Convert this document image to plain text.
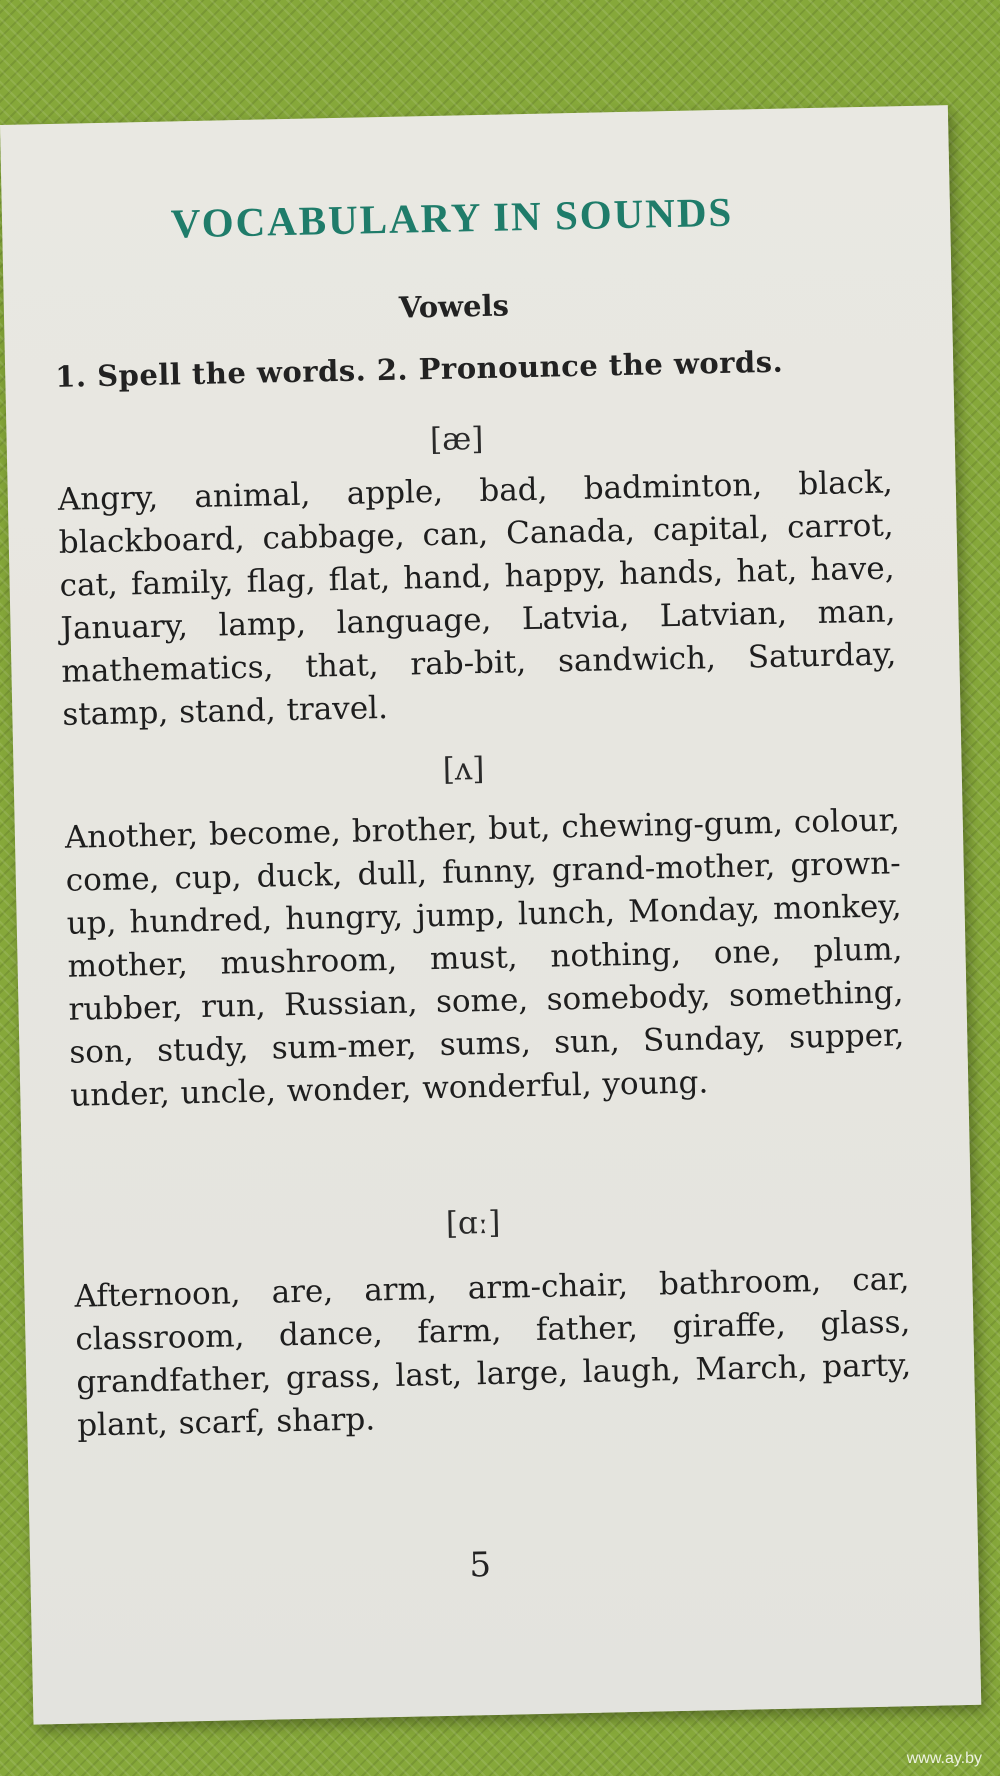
VOCABULARY IN SOUNDS
Vowels
1. Spell the words. 2. Pronounce the words.
[æ]
Angry, animal, apple, bad, badminton, black, blackboard, cabbage, can, Canada, capital, carrot, cat, family, flag, flat, hand, happy, hands, hat, have, January, lamp, language, Latvia, Latvian, man, mathematics, that, rab-bit, sandwich, Saturday, stamp, stand, travel.
[ʌ]
Another, become, brother, but, chewing-gum, colour, come, cup, duck, dull, funny, grand-mother, grown-up, hundred, hungry, jump, lunch, Monday, monkey, mother, mushroom, must, nothing, one, plum, rubber, run, Russian, some, somebody, something, son, study, sum-mer, sums, sun, Sunday, supper, under, uncle, wonder, wonderful, young.
[ɑː]
Afternoon, are, arm, arm-chair, bathroom, car, classroom, dance, farm, father, giraffe, glass, grandfather, grass, last, large, laugh, March, party, plant, scarf, sharp.
5
www.ay.by
